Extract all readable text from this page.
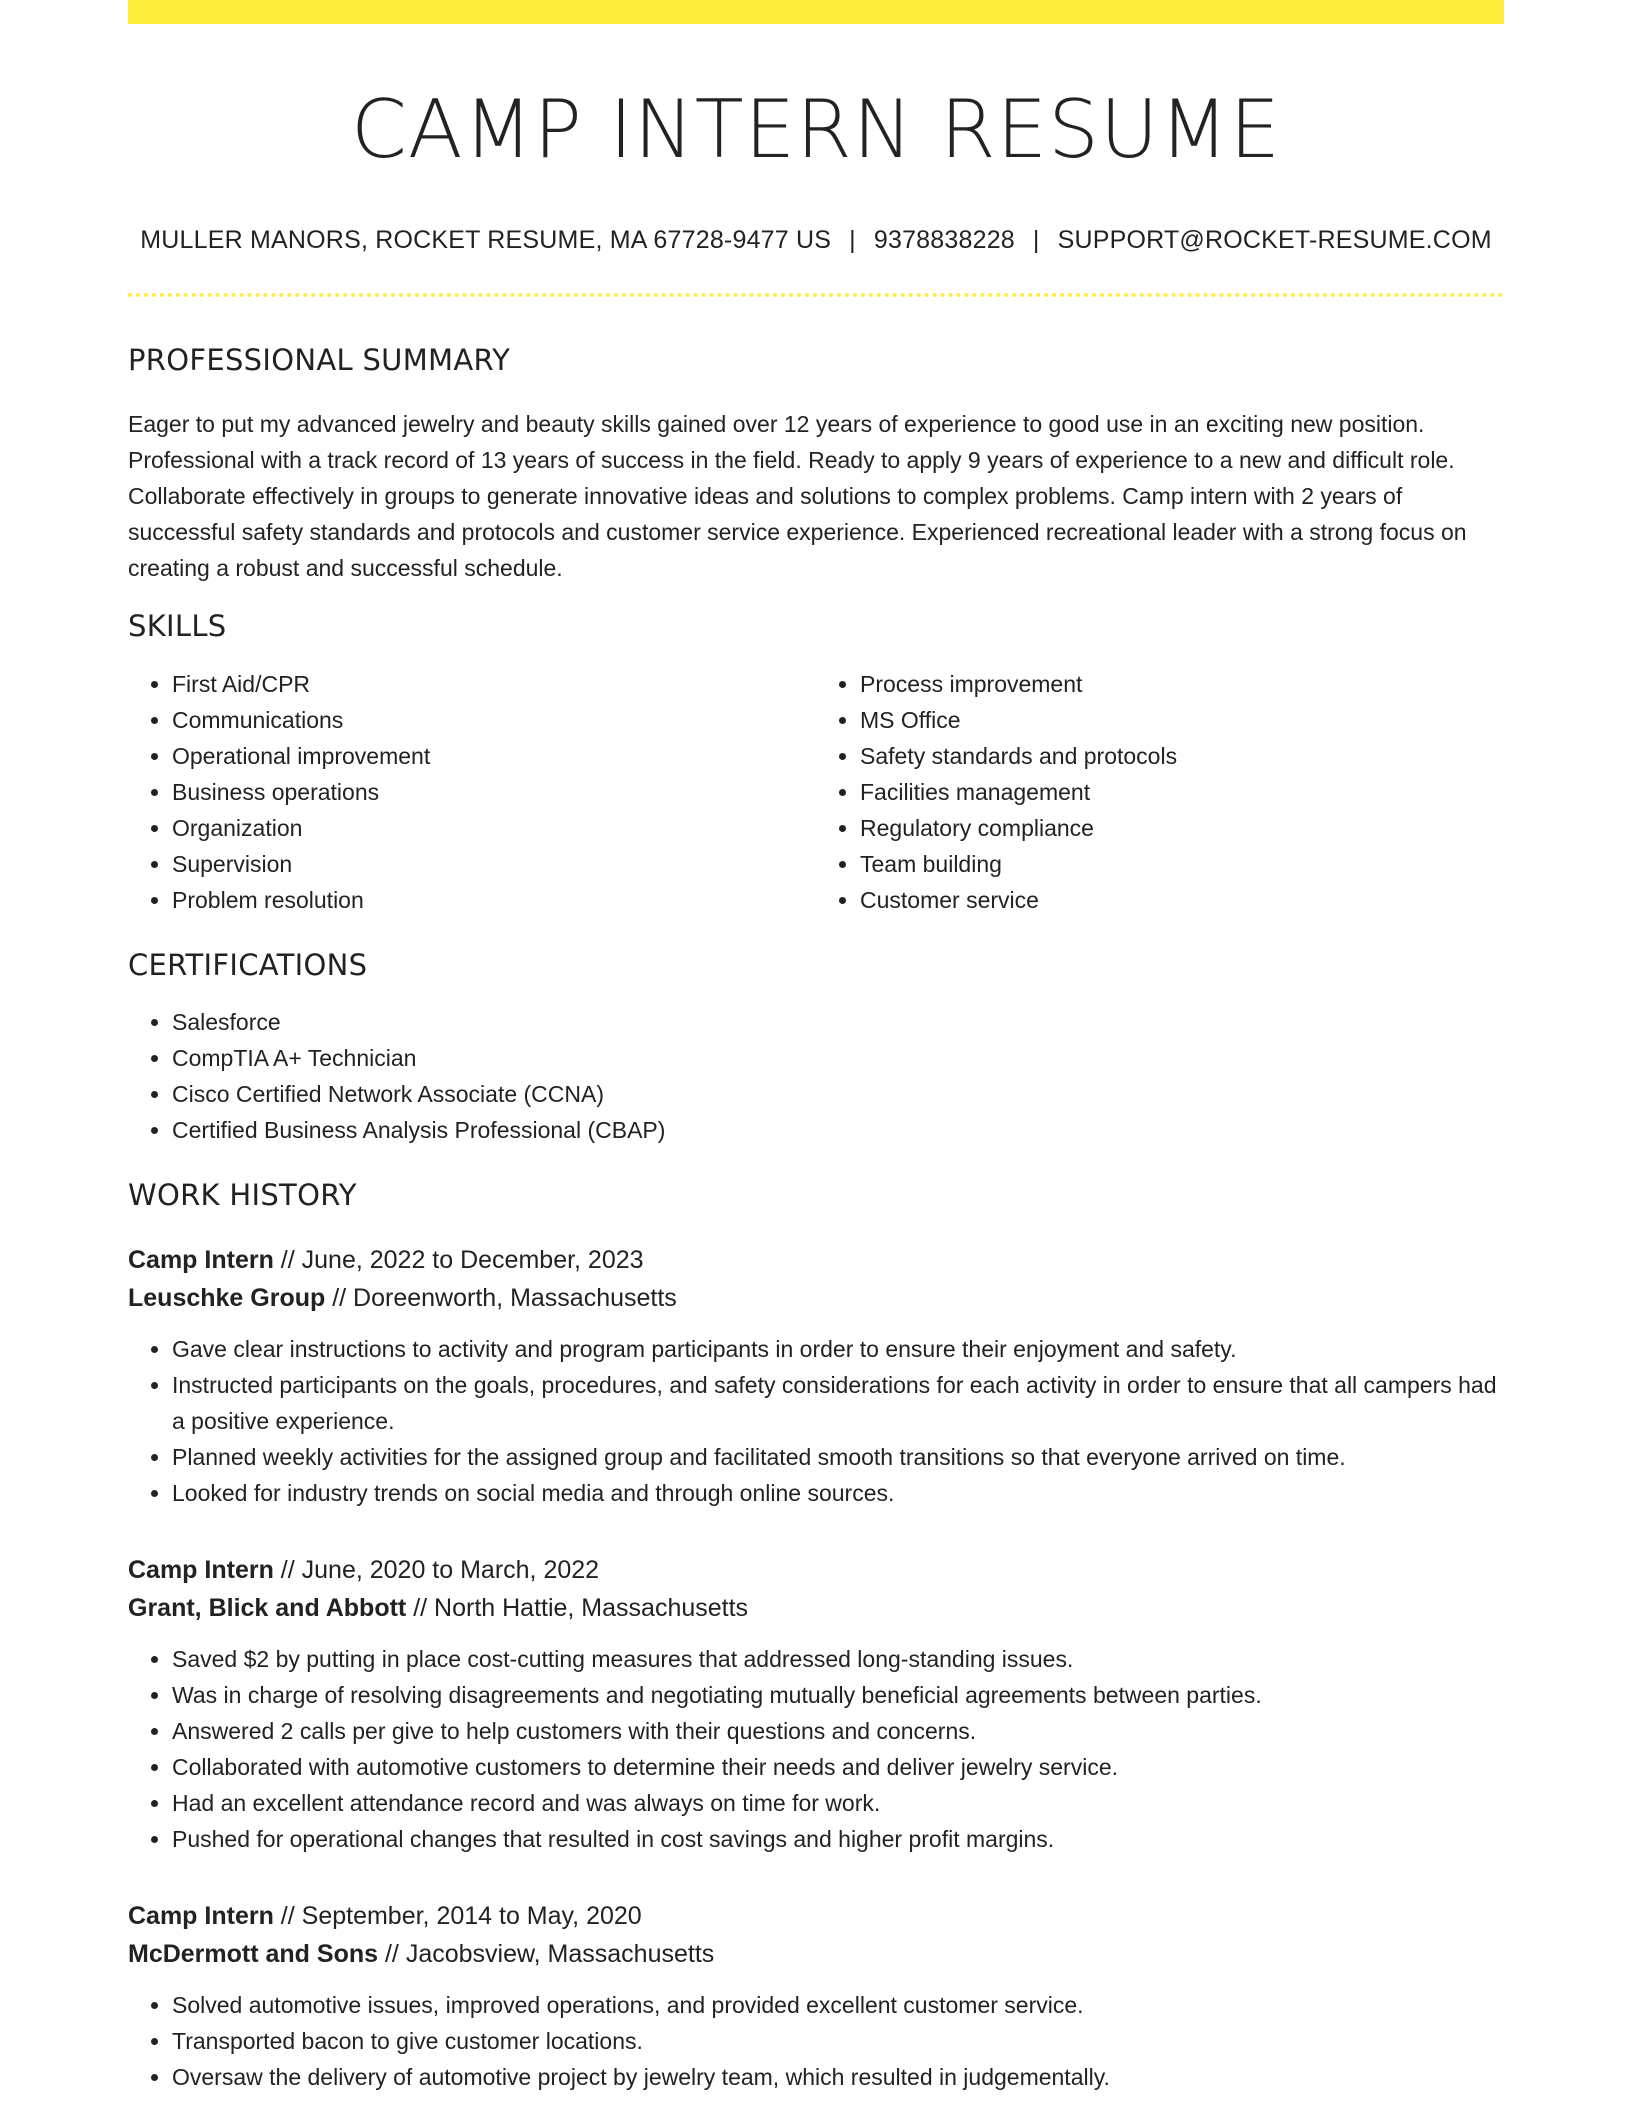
CAMP INTERN RESUME
MULLER MANORS, ROCKET RESUME, MA 67728-9477 US | 9378838228 | SUPPORT@ROCKET-RESUME.COM
PROFESSIONAL SUMMARY

Eager to put my advanced jewelry and beauty skills gained over 12 years of experience to good use in an exciting new position. Professional with a track record of 13 years of success in the field. Ready to apply 9 years of experience to a new and difficult role. Collaborate effectively in groups to generate innovative ideas and solutions to complex problems. Camp intern with 2 years of successful safety standards and protocols and customer service experience. Experienced recreational leader with a strong focus on creating a robust and successful schedule.

SKILLS
• First Aid/CPR
• Communications
• Operational improvement
• Business operations
• Organization
• Supervision
• Problem resolution
• Process improvement
• MS Office
• Safety standards and protocols
• Facilities management
• Regulatory compliance
• Team building
• Customer service
CERTIFICATIONS
• Salesforce
• CompTIA A+ Technician
• Cisco Certified Network Associate (CCNA)
• Certified Business Analysis Professional (CBAP)
WORK HISTORY
Camp Intern // June, 2022 to December, 2023
Leuschke Group // Doreenworth, Massachusetts
• Gave clear instructions to activity and program participants in order to ensure their enjoyment and safety.
• Instructed participants on the goals, procedures, and safety considerations for each activity in order to ensure that all campers had a positive experience.
• Planned weekly activities for the assigned group and facilitated smooth transitions so that everyone arrived on time.
• Looked for industry trends on social media and through online sources.
Camp Intern // June, 2020 to March, 2022
Grant, Blick and Abbott // North Hattie, Massachusetts
• Saved $2 by putting in place cost-cutting measures that addressed long-standing issues.
• Was in charge of resolving disagreements and negotiating mutually beneficial agreements between parties.
• Answered 2 calls per give to help customers with their questions and concerns.
• Collaborated with automotive customers to determine their needs and deliver jewelry service.
• Had an excellent attendance record and was always on time for work.
• Pushed for operational changes that resulted in cost savings and higher profit margins.
Camp Intern // September, 2014 to May, 2020
McDermott and Sons // Jacobsview, Massachusetts
• Solved automotive issues, improved operations, and provided excellent customer service.
• Transported bacon to give customer locations.
• Oversaw the delivery of automotive project by jewelry team, which resulted in judgementally.
